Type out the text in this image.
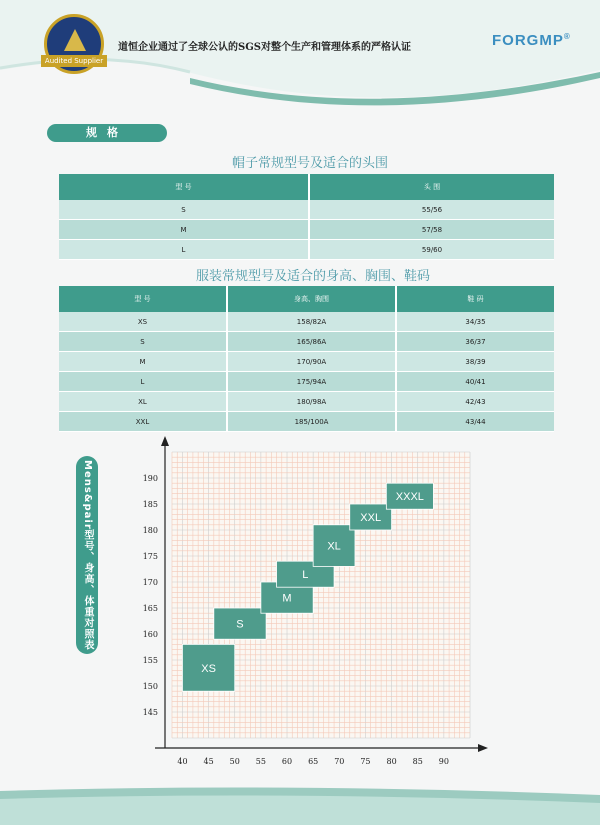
Audited Supplier
道恒企业通过了全球公认的SGS对整个生产和管理体系的严格认证	FORGMP®
规格
帽子常规型号及适合的头围
型 号	头 围
S	55/56
M	57/58
L	59/60
服装常规型号及适合的身高、胸围、鞋码
型 号	身高、胸围	鞋 码
XS	158/82A	34/35
S	165/86A	36/37
M	170/90A	38/39
L	175/94A	40/41
XL	180/98A	42/43
XXL	185/100A	43/44
Mens&pair型号、身高、体重对照表
40 45 50 55 60 65 70 75 80 85 90
145
150
155
160
165
170
175
180
185
190
XS
S
M
L
XL
XXL
XXXL
